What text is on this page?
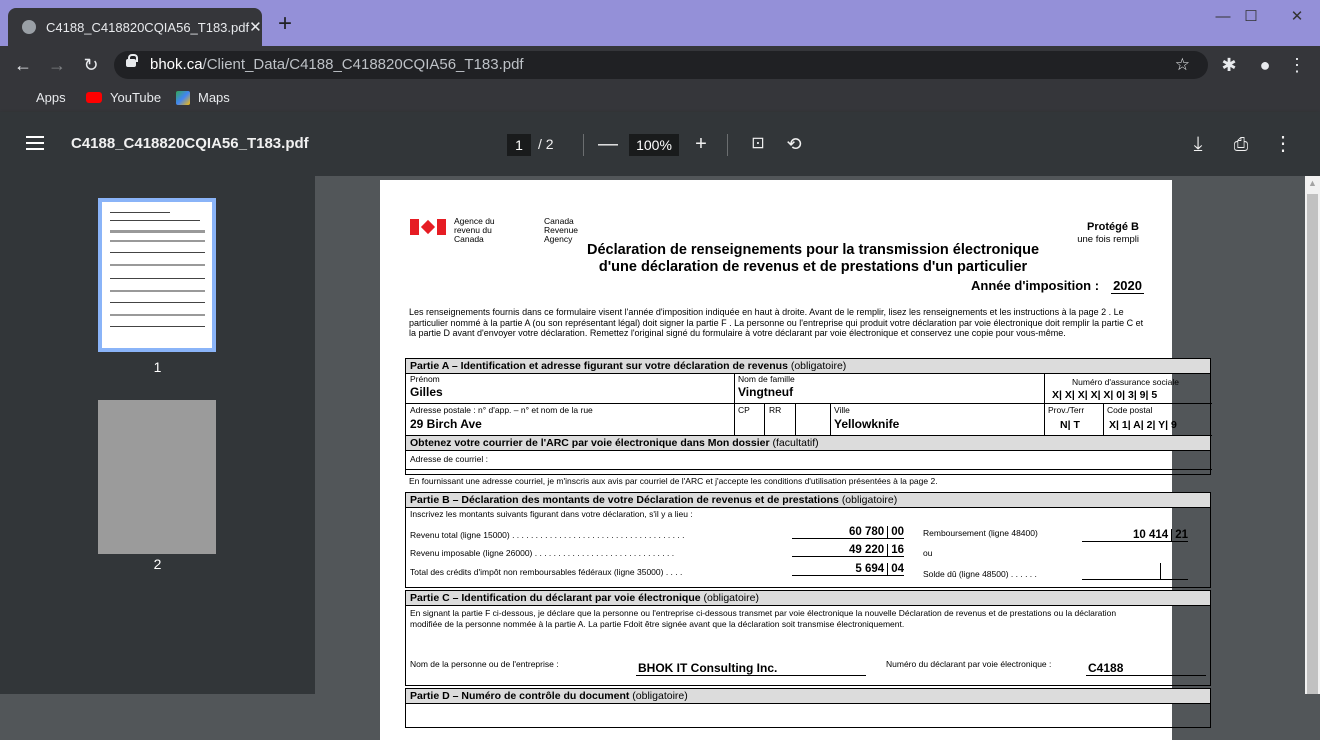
C4188_C418820CQIA56_T183.pdf ✕ +	— ☐	✕
← → ↻	bhok.ca/Client_Data/C4188_C418820CQIA56_T183.pdf	☆	✱	● ⋮
Apps	YouTube	Maps
C4188_C418820CQIA56_T183.pdf	1	/ 2 —	100%	+	⊡ ⟲	⤓	⎙ ⋮
1
2
Agence du revenu du Canada
Canada Revenue Agency
Protégé B
une fois rempli
Déclaration de renseignements pour la transmission électronique
d'une déclaration de revenus et de prestations d'un particulier
Année d'imposition : 2020
Les renseignements fournis dans ce formulaire visent l'année d'imposition indiquée en haut à droite. Avant de le remplir, lisez les renseignements et les instructions à la page 2 . Le particulier nommé à la partie A (ou son représentant légal) doit signer la partie F . La personne ou l'entreprise qui produit votre déclaration par voie électronique doit remplir la partie C et la partie D avant d'envoyer votre déclaration. Remettez l'original signé du formulaire à votre déclarant par voie électronique et conservez une copie pour vous-même.
Partie A – Identification et adresse figurant sur votre déclaration de revenus (obligatoire)
Prénom
Gilles
Nom de famille
Vingtneuf
Numéro d'assurance sociale
X| X| X| X| X| 0| 3| 9| 5
Adresse postale : n° d'app. – n° et nom de la rue
29 Birch Ave
CP RR	Ville
Yellowknife
Prov./Terr
N| T
Code postal
X| 1| A| 2| Y| 9
Obtenez votre courrier de l'ARC par voie électronique dans Mon dossier (facultatif)
Adresse de courriel :
En fournissant une adresse courriel, je m'inscris aux avis par courriel de l'ARC et j'accepte les conditions d'utilisation présentées à la page 2.
Partie B – Déclaration des montants de votre Déclaration de revenus et de prestations (obligatoire)
Inscrivez les montants suivants figurant dans votre déclaration, s'il y a lieu :
Revenu total (ligne 15000) . . . . . . . . . . . . . . . . . . . . . . . . . . . . . . . . . . . . .	60 780 00
Revenu imposable (ligne 26000) . . . . . . . . . . . . . . . . . . . . . . . . . . . . . .	49 220 16
Total des crédits d'impôt non remboursables fédéraux (ligne 35000) . . . .	5 694 04
Remboursement (ligne 48400)	10 414 21
ou
Solde dû (ligne 48500) . . . . . .
Partie C – Identification du déclarant par voie électronique (obligatoire)
En signant la partie F ci-dessous, je déclare que la personne ou l'entreprise ci-dessous transmet par voie électronique la nouvelle Déclaration de revenus et de prestations ou la déclaration modifiée de la personne nommée à la partie A. La partie Fdoit être signée avant que la déclaration soit transmise électroniquement.
Nom de la personne ou de l'entreprise :	BHOK IT Consulting Inc.	Numéro du déclarant par voie électronique :	C4188
Partie D – Numéro de contrôle du document (obligatoire)
▲
